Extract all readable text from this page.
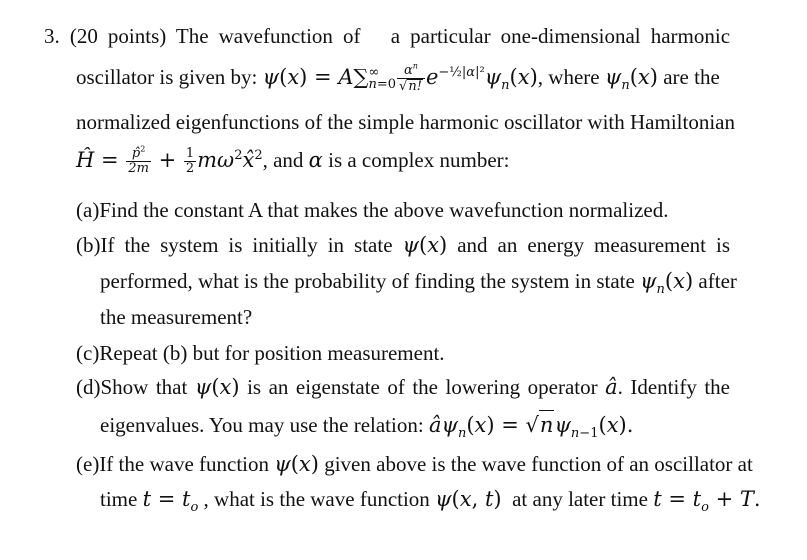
3. (20 points) The wavefunction of a particular one-dimensional harmonic
oscillator is given by: ψ(x) = A∑∞
$n=0 \frac{\alpha^n}{√n!} e^{-\frac{1}{2}|\alpha|^2}\psi_n(x)$, where $\psi_n(x)$ are the
normalized eigenfunctions of the simple harmonic oscillator with Hamiltonian
Ĥ = $\frac{p̂^2}{2m} + \frac{1}{2}$ $m\omega^2x̂^2$, and α is a complex number:
(a)Find the constant A that makes the above wavefunction normalized.
(b)If the system is initially in state ψ(x) and an energy measurement is
performed, what is the probability of finding the system in state $\psi_n(x)$ after
the measurement?
(c)Repeat (b) but for position measurement.
(d)Show that ψ(x) is an eigenstate of the lowering operator â. Identify the
eigenvalues. You may use the relation: $â\psi_n(x) = √n\psi_{n-1}(x)$.
(e)If the wave function ψ(x) given above is the wave function of an oscillator at
time $t = t_o$ , what is the wave function ψ(x, t) at any later time $t = t_o + T$.
